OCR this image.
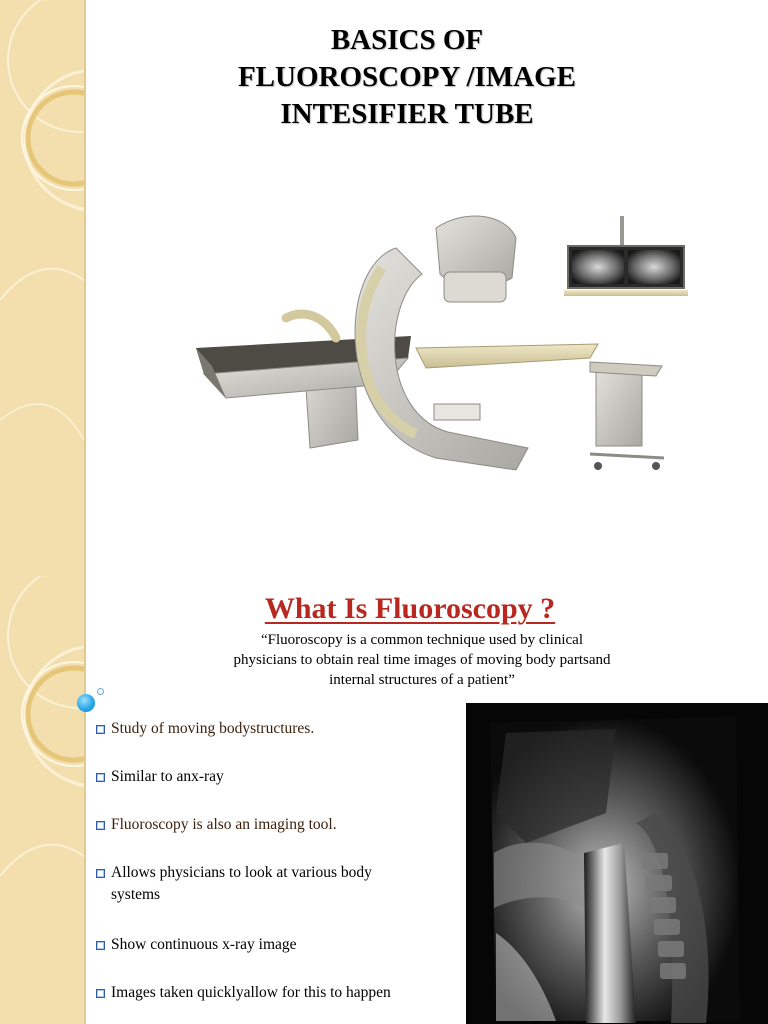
BASICS OF
FLUOROSCOPY /IMAGE
INTESIFIER TUBE
What Is Fluoroscopy ?

“Fluoroscopy is a common technique used by clinical
physicians to obtain real time images of moving body partsand
internal structures of a patient”

Study of moving bodystructures.
Similar to anx-ray
Fluoroscopy is also an imaging tool.
Allows physicians to look at various body systems
Show continuous x-ray image
Images taken quicklyallow for this to happen
